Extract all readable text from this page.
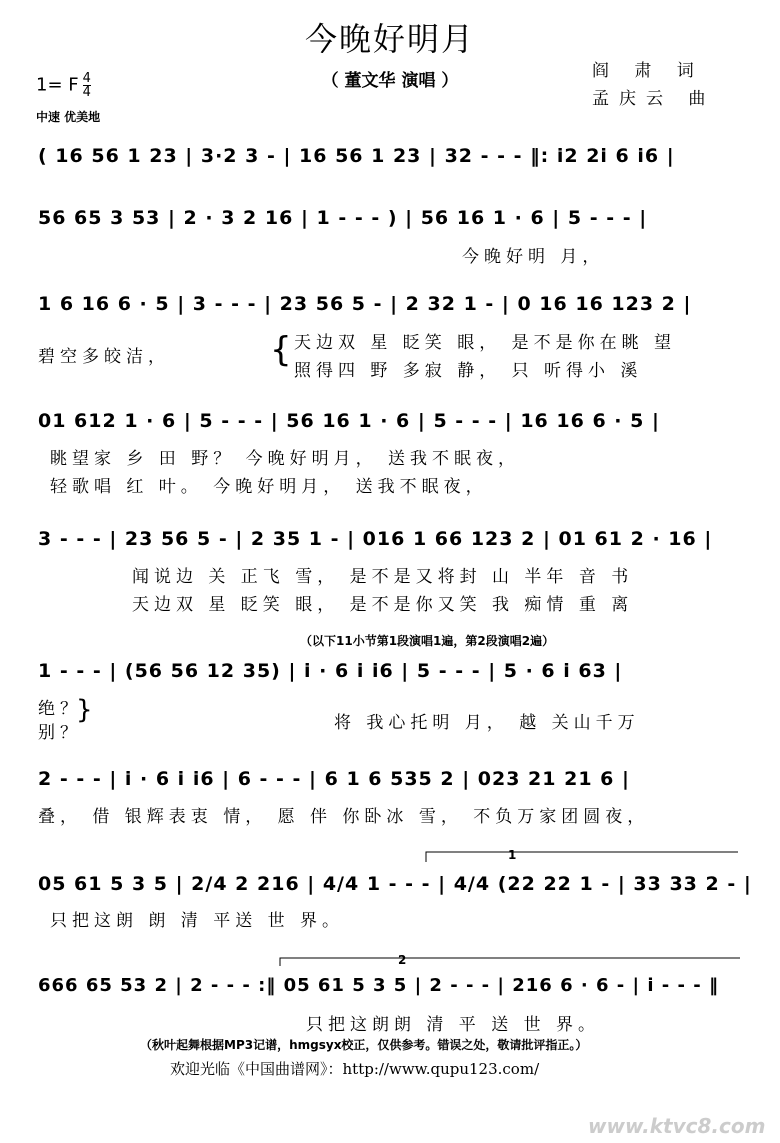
今晚好明月
（ 董文华 演唱 ）	阎 肃 词
孟庆云 曲
1= F $\frac{4}{4}$
中速 优美地
( 16 56 1 23 | 3·2 3 - | 16 56 1 23 | 32 - - - ‖: i2 2i 6 i6 |
56 65 3 53 | 2 · 3 2 16 | 1 - - - ) | 56 16 1 · 6 | 5 - - - |
今晚好明 月，
1 6 16 6 · 5 | 3 - - - | 23 56 5 - | 2 32 1 - | 0 16 16 123 2 |
碧空多皎洁，
天边双 星 眨笑 眼， 是不是你在眺 望
照得四 野 多寂 静， 只 听得小 溪
{
01 612 1 · 6 | 5 - - - | 56 16 1 · 6 | 5 - - - | 16 16 6 · 5 |
眺望家 乡 田 野？ 今晚好明月， 送我不眠夜，
轻歌唱 红 叶。 今晚好明月， 送我不眠夜，
3 - - - | 23 56 5 - | 2 35 1 - | 016 1 66 123 2 | 01 61 2 · 16 |
闻说边 关 正飞 雪， 是不是又将封 山 半年 音 书
天边双 星 眨笑 眼， 是不是你又笑 我 痴情 重 离
（以下11小节第1段演唱1遍，第2段演唱2遍）
1 - - - | (56 56 12 35) | i · 6 i i6 | 5 - - - | 5 · 6 i 63 |
绝？
别？	将 我心托明 月， 越 关山千万
}
2 - - - | i · 6 i i6 | 6 - - - | 6 1 6 535 2 | 023 21 21 6 |
叠， 借 银辉表衷 情， 愿 伴 你卧冰 雪， 不负万家团圆夜，
05 61 5 3 5 | 2/4 2 216 | 4/4 1 - - - | 4/4 (22 22 1 - | 33 33 2 - |
只把这朗 朗 清 平送 世 界。
1
666 65 53 2 | 2 - - - :‖ 05 61 5 3 5 | 2 - - - | 216 6 · 6 - | i - - - ‖
只把这朗朗 清 平 送 世 界。
2
（秋叶起舞根据MP3记谱，hmgsyx校正，仅供参考。错误之处，敬请批评指正。）
欢迎光临《中国曲谱网》：http://www.qupu123.com/
www.ktvc8.com
